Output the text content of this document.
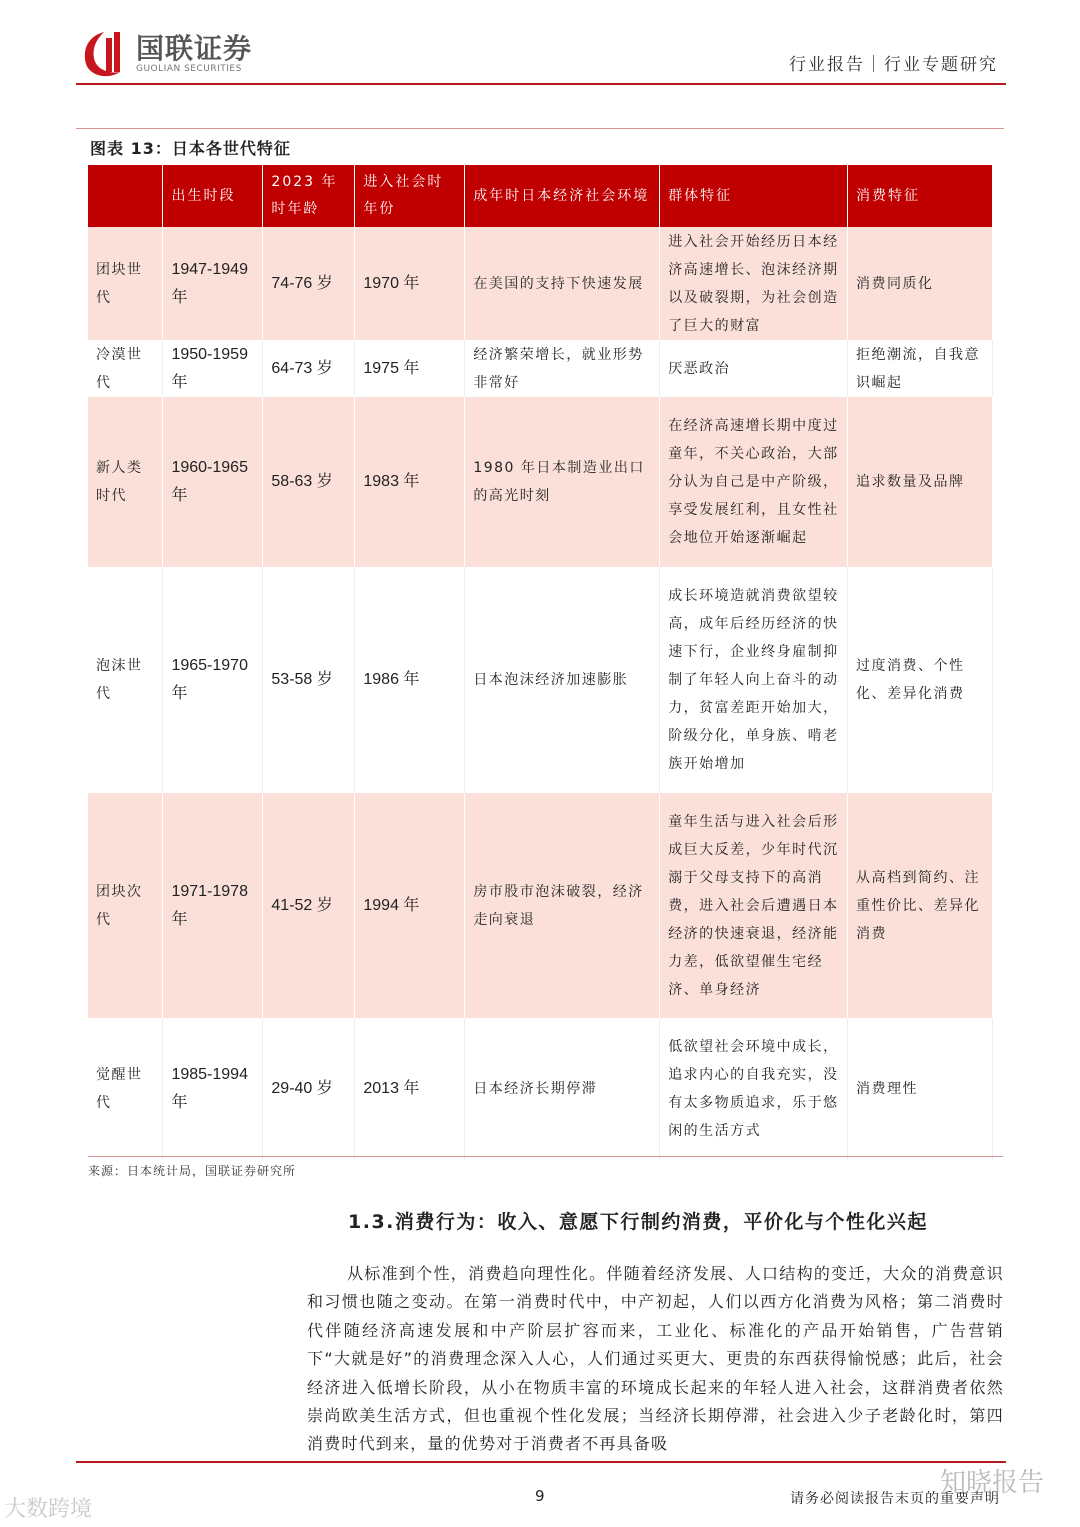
国联证券
GUOLIAN SECURITIES	行业报告｜行业专题研究
图表 13：日本各世代特征
	出生时段	2023 年时年龄	进入社会时年份	成年时日本经济社会环境	群体特征	消费特征
团块世代	1947-1949 年	74-76 岁	1970 年	在美国的支持下快速发展	进入社会开始经历日本经济高速增长、泡沫经济期以及破裂期，为社会创造了巨大的财富	消费同质化
冷漠世代	1950-1959 年	64-73 岁	1975 年	经济繁荣增长，就业形势非常好	厌恶政治	拒绝潮流，自我意识崛起
新人类时代	1960-1965 年	58-63 岁	1983 年	1980 年日本制造业出口的高光时刻	在经济高速增长期中度过童年，不关心政治，大部分认为自己是中产阶级，享受发展红利，且女性社会地位开始逐渐崛起	追求数量及品牌
泡沫世代	1965-1970 年	53-58 岁	1986 年	日本泡沫经济加速膨胀	成长环境造就消费欲望较高，成年后经历经济的快速下行，企业终身雇制抑制了年轻人向上奋斗的动力，贫富差距开始加大，阶级分化，单身族、啃老族开始增加	过度消费、个性化、差异化消费
团块次代	1971-1978 年	41-52 岁	1994 年	房市股市泡沫破裂，经济走向衰退	童年生活与进入社会后形成巨大反差，少年时代沉溺于父母支持下的高消费，进入社会后遭遇日本经济的快速衰退，经济能力差，低欲望催生宅经济、单身经济	从高档到简约、注重性价比、差异化消费
觉醒世代	1985-1994 年	29-40 岁	2013 年	日本经济长期停滞	低欲望社会环境中成长，追求内心的自我充实，没有太多物质追求，乐于悠闲的生活方式	消费理性
来源：日本统计局，国联证券研究所
1.3.消费行为：收入、意愿下行制约消费，平价化与个性化兴起
从标准到个性，消费趋向理性化。伴随着经济发展、人口结构的变迁，大众的消费意识和习惯也随之变动。在第一消费时代中，中产初起，人们以西方化消费为风格；第二消费时代伴随经济高速发展和中产阶层扩容而来，工业化、标准化的产品开始销售，广告营销下“大就是好”的消费理念深入人心，人们通过买更大、更贵的东西获得愉悦感；此后，社会经济进入低增长阶段，从小在物质丰富的环境成长起来的年轻人进入社会，这群消费者依然崇尚欧美生活方式，但也重视个性化发展；当经济长期停滞，社会进入少子老龄化时，第四消费时代到来，量的优势对于消费者不再具备吸
9	请务必阅读报告末页的重要声明
知晓报告
大数跨境
